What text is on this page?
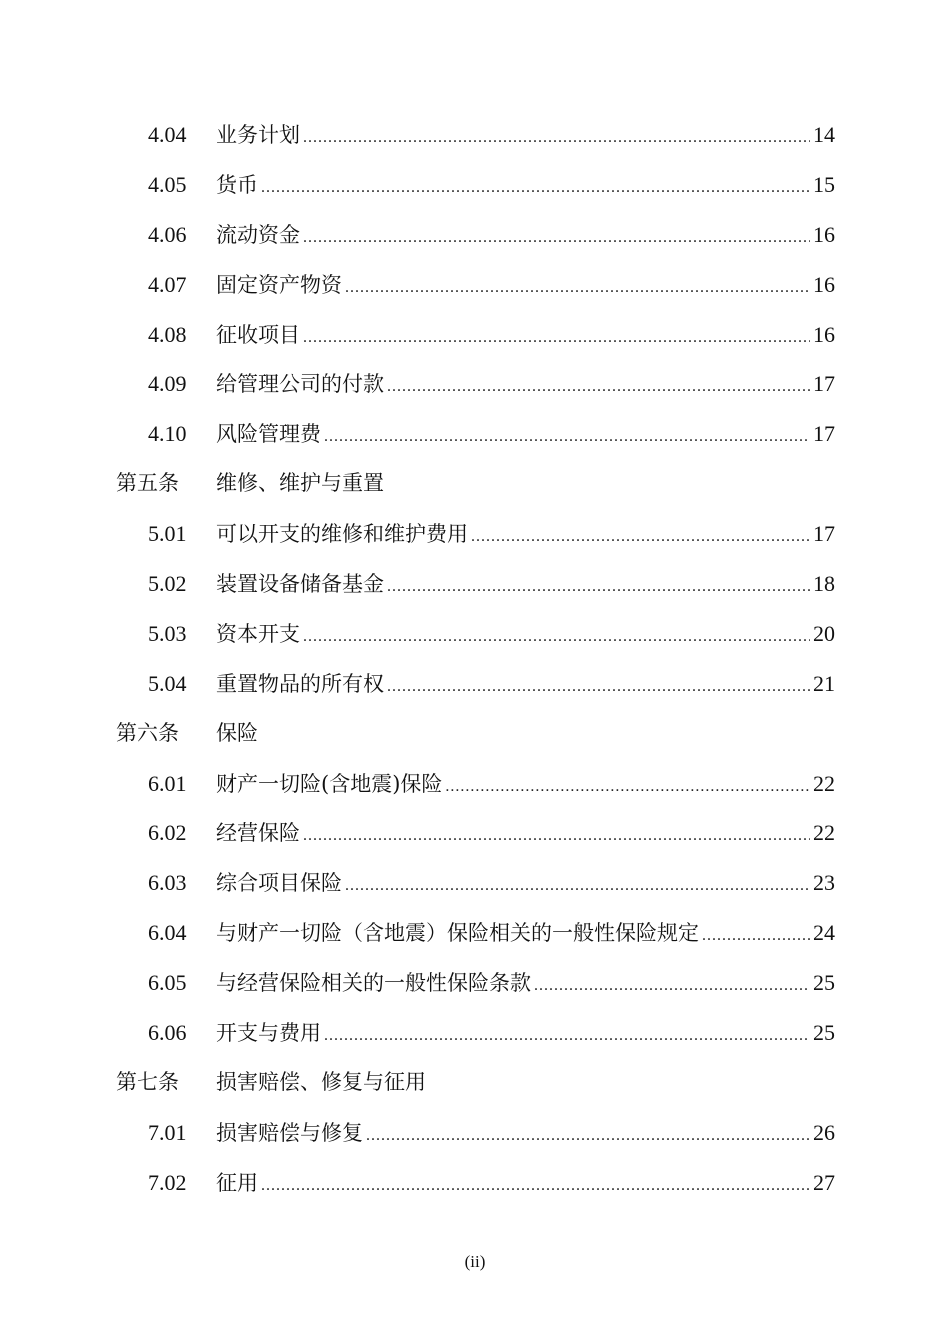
4.04 业务计划 .....	14
4.05 货币 .....	15
4.06 流动资金 .....	16
4.07 固定资产物资 .....	16
4.08 征收项目 .....	16
4.09 给管理公司的付款 .....	17
4.10 风险管理费 .....	17
第五条 维修、维护与重置
5.01 可以开支的维修和维护费用 .....	17
5.02 装置设备储备基金 .....	18
5.03 资本开支 .....	20
5.04 重置物品的所有权 .....	21
第六条 保险
6.01 财产一切险(含地震)保险 .....	22
6.02 经营保险 .....	22
6.03 综合项目保险 .....	23
6.04 与财产一切险（含地震）保险相关的一般性保险规定 .....	24
6.05 与经营保险相关的一般性保险条款 .....	25
6.06 开支与费用 .....	25
第七条 损害赔偿、修复与征用
7.01 损害赔偿与修复 .....	26
7.02 征用 .....	27
(ii)
